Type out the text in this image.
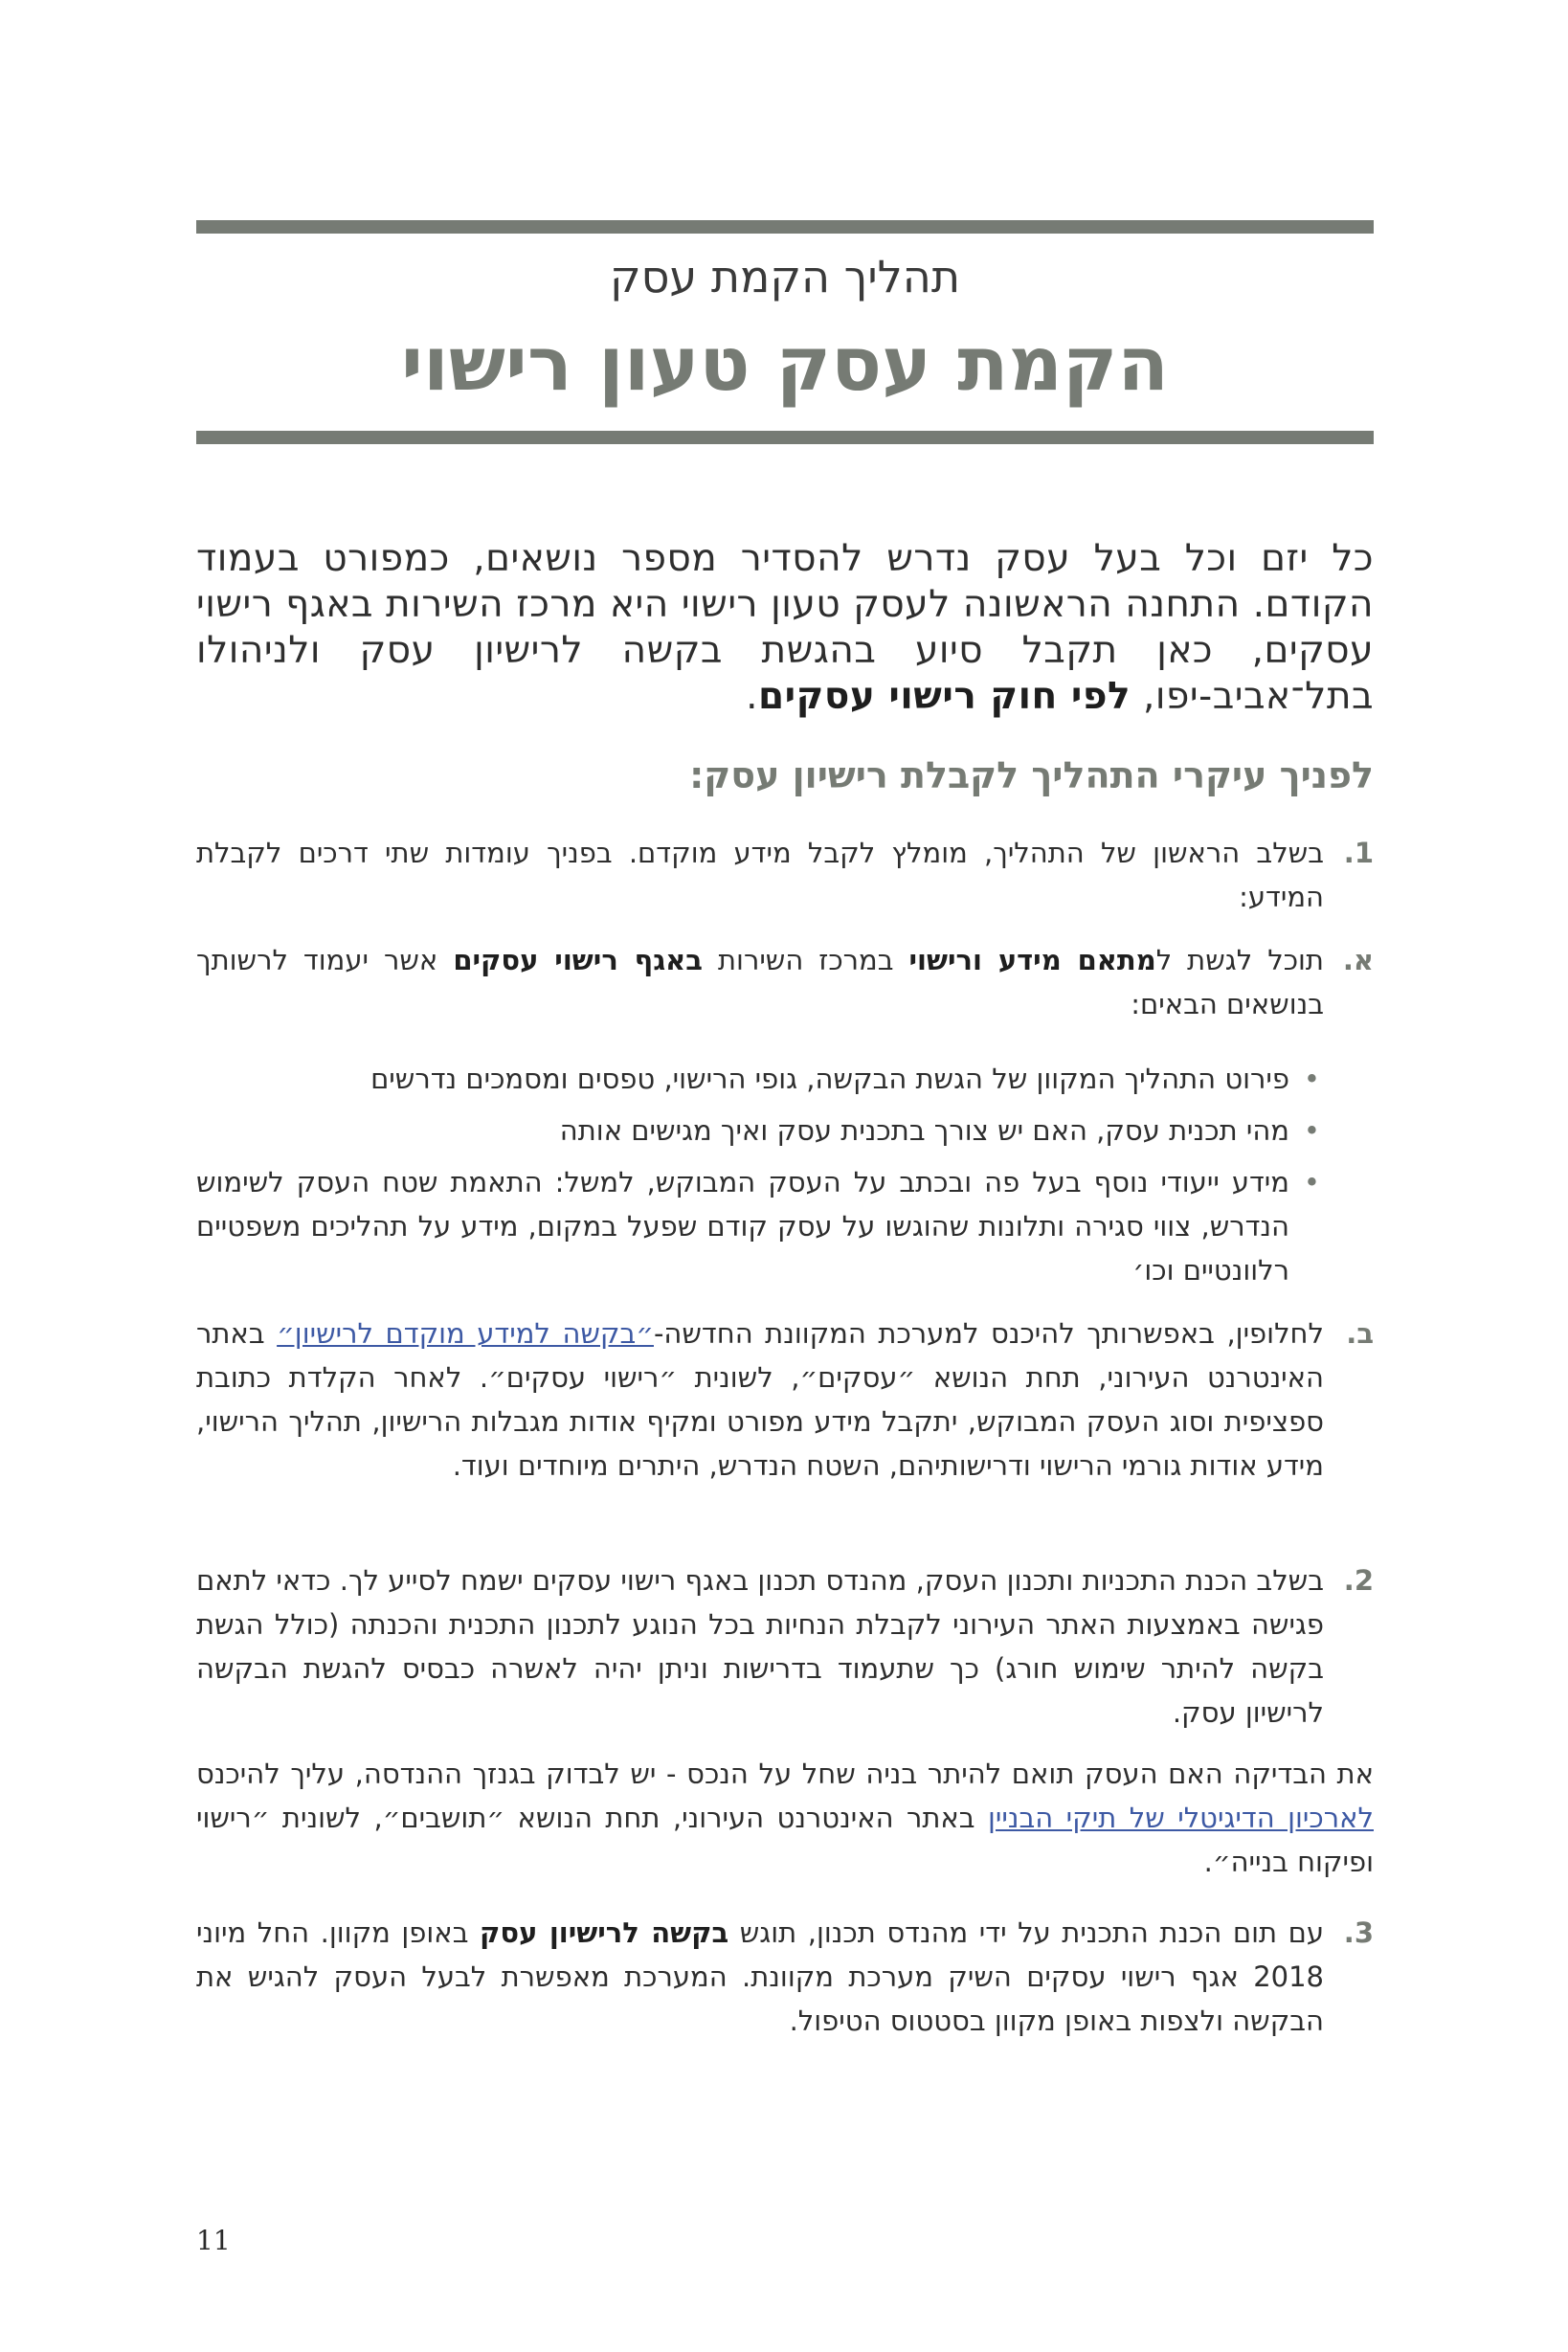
תהליך הקמת עסק
הקמת עסק טעון רישוי
כל יזם וכל בעל עסק נדרש להסדיר מספר נושאים, כמפורט בעמוד הקודם. התחנה הראשונה לעסק טעון רישוי היא מרכז השירות באגף רישוי עסקים, כאן תקבל סיוע בהגשת בקשה לרישיון עסק ולניהולו בתל־אביב-יפו, לפי חוק רישוי עסקים.
לפניך עיקרי התהליך לקבלת רישיון עסק:
1.
בשלב הראשון של התהליך, מומלץ לקבל מידע מוקדם. בפניך עומדות שתי דרכים לקבלת המידע:
א.
תוכל לגשת למתאם מידע ורישוי במרכז השירות באגף רישוי עסקים אשר יעמוד לרשותך בנושאים הבאים:
•
פירוט התהליך המקוון של הגשת הבקשה, גופי הרישוי, טפסים ומסמכים נדרשים
•
מהי תכנית עסק, האם יש צורך בתכנית עסק ואיך מגישים אותה
•
מידע ייעודי נוסף בעל פה ובכתב על העסק המבוקש, למשל: התאמת שטח העסק לשימוש הנדרש, צווי סגירה ותלונות שהוגשו על עסק קודם שפעל במקום, מידע על תהליכים משפטיים רלוונטיים וכו׳
ב.
לחלופין, באפשרותך להיכנס למערכת המקוונת החדשה-״בקשה למידע מוקדם לרישיון״ באתר האינטרנט העירוני, תחת הנושא ״עסקים״, לשונית ״רישוי עסקים״. לאחר הקלדת כתובת ספציפית וסוג העסק המבוקש, יתקבל מידע מפורט ומקיף אודות מגבלות הרישיון, תהליך הרישוי, מידע אודות גורמי הרישוי ודרישותיהם, השטח הנדרש, היתרים מיוחדים ועוד.
2.
בשלב הכנת התכניות ותכנון העסק, מהנדס תכנון באגף רישוי עסקים ישמח לסייע לך. כדאי לתאם פגישה באמצעות האתר העירוני לקבלת הנחיות בכל הנוגע לתכנון התכנית והכנתה (כולל הגשת בקשה להיתר שימוש חורג) כך שתעמוד בדרישות וניתן יהיה לאשרה כבסיס להגשת הבקשה לרישיון עסק.
את הבדיקה האם העסק תואם להיתר בניה שחל על הנכס - יש לבדוק בגנזך ההנדסה, עליך להיכנס לארכיון הדיגיטלי של תיקי הבניין באתר האינטרנט העירוני, תחת הנושא ״תושבים״, לשונית ״רישוי ופיקוח בנייה״.
3.
עם תום הכנת התכנית על ידי מהנדס תכנון, תוגש בקשה לרישיון עסק באופן מקוון. החל מיוני 2018 אגף רישוי עסקים השיק מערכת מקוונת. המערכת מאפשרת לבעל העסק להגיש את הבקשה ולצפות באופן מקוון בסטטוס הטיפול.
11
